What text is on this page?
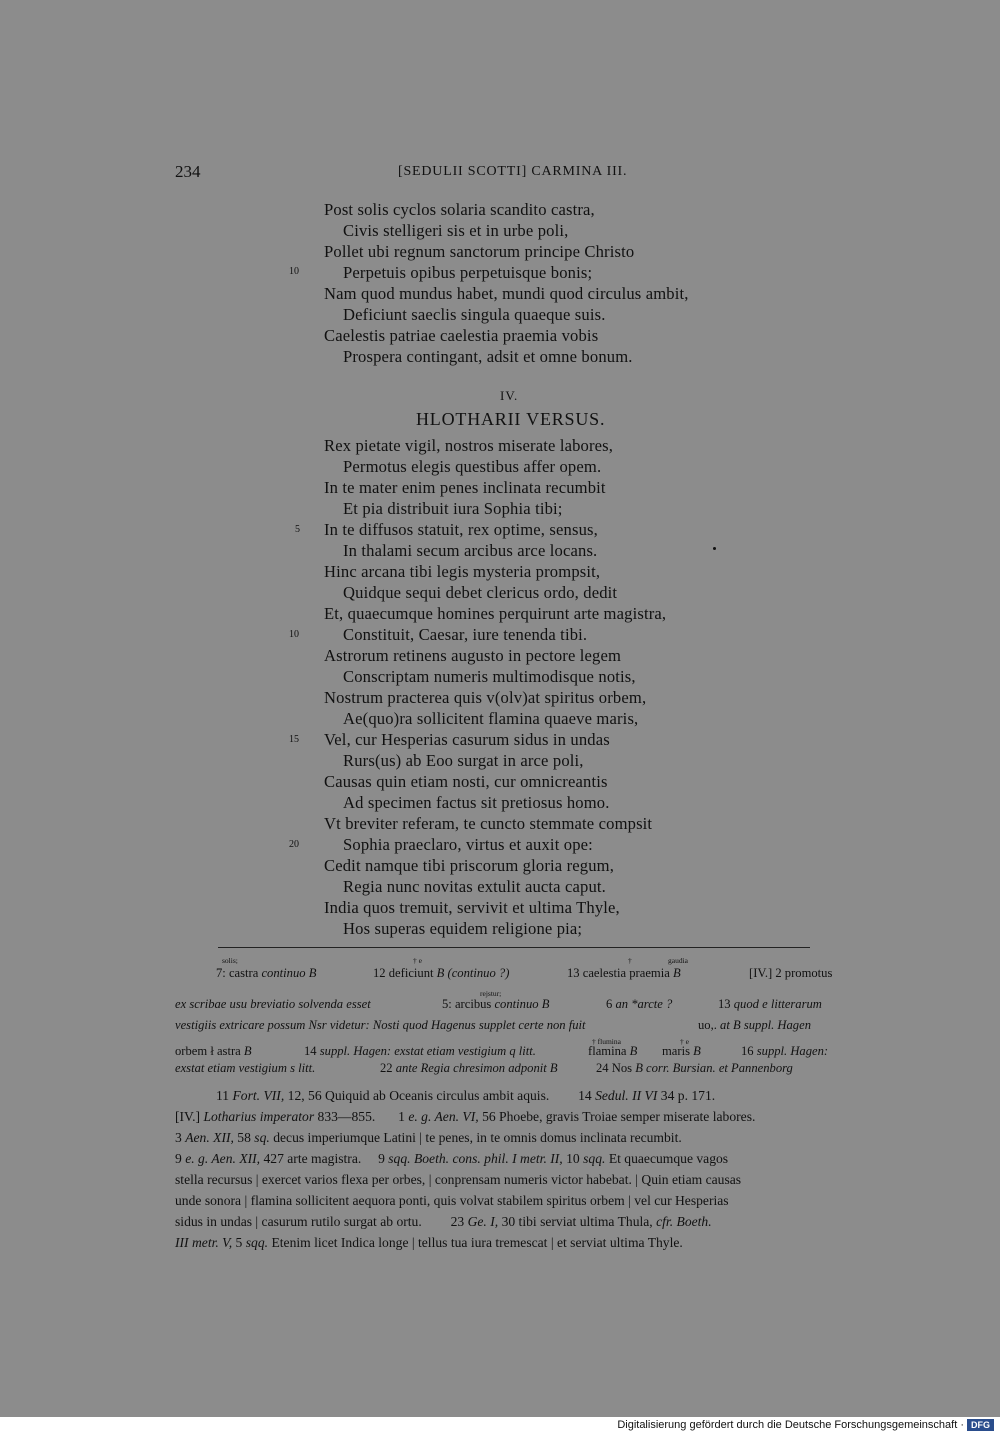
234	[SEDULII SCOTTI] CARMINA III.
Post solis cyclos solaria scandito castra,
Civis stelligeri sis et in urbe poli,
Pollet ubi regnum sanctorum principe Christo
10	Perpetuis opibus perpetuisque bonis;
Nam quod mundus habet, mundi quod circulus ambit,
Deficiunt saeclis singula quaeque suis.
Caelestis patriae caelestia praemia vobis
Prospera contingant, adsit et omne bonum.
IV.
HLOTHARII VERSUS.
Rex pietate vigil, nostros miserate labores,
Permotus elegis questibus affer opem.
In te mater enim penes inclinata recumbit
Et pia distribuit iura Sophia tibi;
5 In te diffusos statuit, rex optime, sensus,
In thalami secum arcibus arce locans.
Hinc arcana tibi legis mysteria prompsit,
Quidque sequi debet clericus ordo, dedit
Et, quaecumque homines perquirunt arte magistra,
10	Constituit, Caesar, iure tenenda tibi.
Astrorum retinens augusto in pectore legem
Conscriptam numeris multimodisque notis,
Nostrum practerea quis v(olv)at spiritus orbem,
Ae(quo)ra sollicitent flamina quaeve maris,
15 Vel, cur Hesperias casurum sidus in undas
Rurs(us) ab Eoo surgat in arce poli,
Causas quin etiam nosti, cur omnicreantis
Ad specimen factus sit pretiosus homo.
Vt breviter referam, te cuncto stemmate compsit
20	Sophia praeclaro, virtus et auxit ope:
Cedit namque tibi priscorum gloria regum,
Regia nunc novitas extulit aucta caput.
India quos tremuit, servivit et ultima Thyle,
Hos superas equidem religione pia;
solis;	† e	†	gaudia
7: castra continuo B	12 deficiunt B (continuo ?)	13 caelestia praemia B	[IV.] 2 promotus
rejstur;
ex scribae usu breviatio solvenda esset	5: arcibus continuo B	6 an *arcte ?	13 quod e litterarum
vestigiis extricare possum Nsr videtur: Nosti quod Hagenus supplet certe non fuit	uo,. at B suppl. Hagen
† flumina	† e
orbem ł astra B	14 suppl. Hagen: exstat etiam vestigium q litt.	flamina B maris B	16 suppl. Hagen:
exstat etiam vestigium s litt.	22 ante Regia chresimon adponit B	24 Nos B corr. Bursian. et Pannenborg
11 Fort. VII, 12, 56 Quiquid ab Oceanis circulus ambit aquis. 14 Sedul. II VI 34 p. 171.
[IV.] Lotharius imperator 833—855. 1 e. g. Aen. VI, 56 Phoebe, gravis Troiae semper miserate labores.
3 Aen. XII, 58 sq. decus imperiumque Latini | te penes, in te omnis domus inclinata recumbit.
9 e. g. Aen. XII, 427 arte magistra. 9 sqq. Boeth. cons. phil. I metr. II, 10 sqq. Et quaecumque vagos
stella recursus | exercet varios flexa per orbes, | conprensam numeris victor habebat. | Quin etiam causas
unde sonora | flamina sollicitent aequora ponti, quis volvat stabilem spiritus orbem | vel cur Hesperias
sidus in undas | casurum rutilo surgat ab ortu. 23 Ge. I, 30 tibi serviat ultima Thula, cfr. Boeth.
III metr. V, 5 sqq. Etenim licet Indica longe | tellus tua iura tremescat | et serviat ultima Thyle.
Digitalisierung gefördert durch die Deutsche Forschungsgemeinschaft · DFG
